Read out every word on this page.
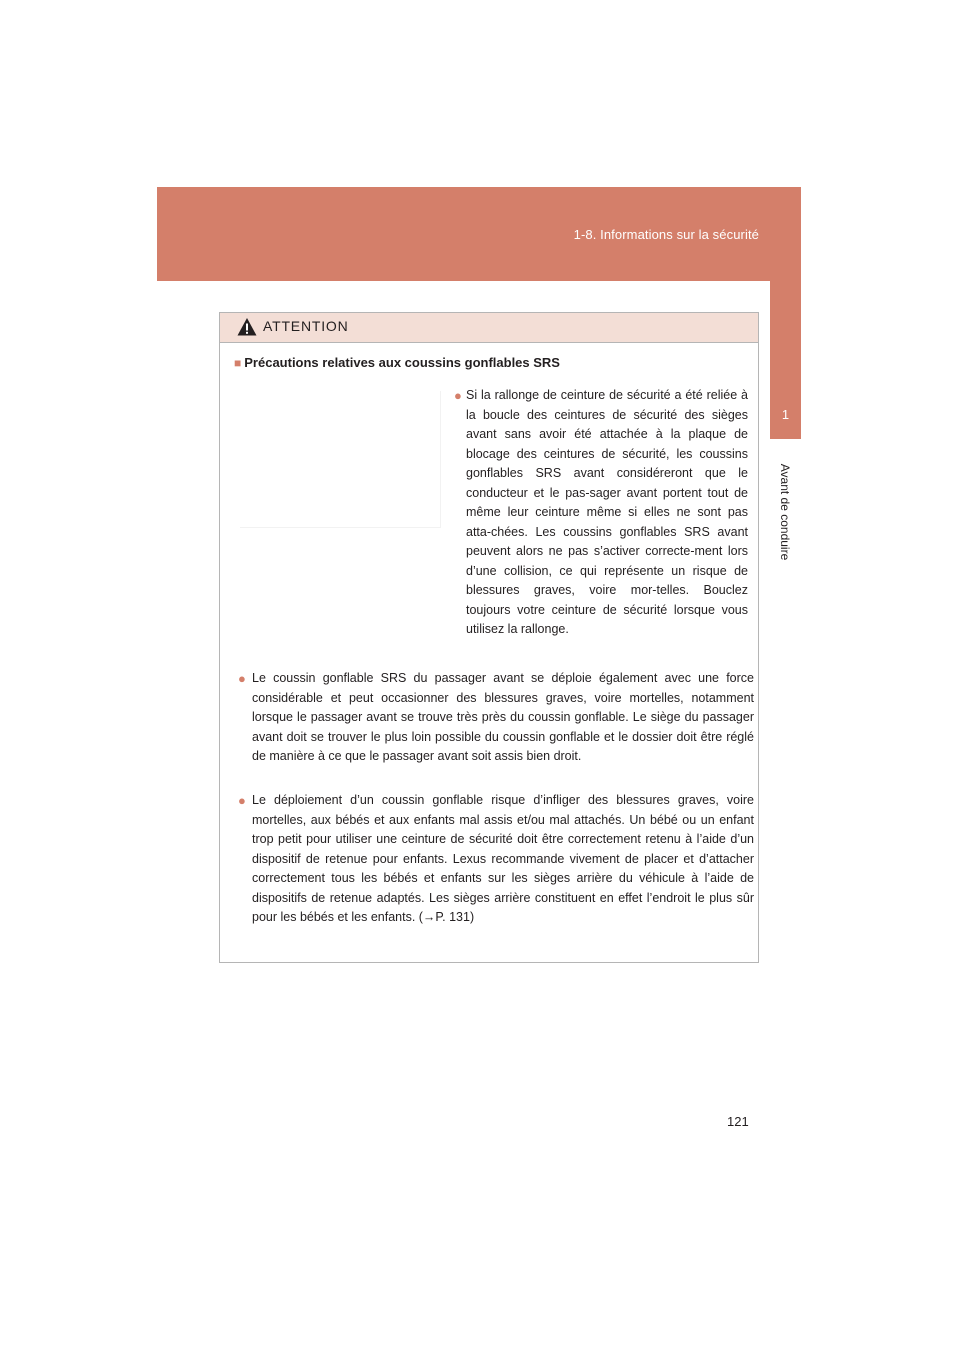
1-8. Informations sur la sécurité
1
Avant de conduire
ATTENTION
■ Précautions relatives aux coussins gonflables SRS
● Si la rallonge de ceinture de sécurité a été reliée à la boucle des ceintures de sécurité des sièges avant sans avoir été attachée à la plaque de blocage des ceintures de sécurité, les coussins gonflables SRS avant considéreront que le conducteur et le pas-sager avant portent tout de même leur ceinture même si elles ne sont pas atta-chées. Les coussins gonflables SRS avant peuvent alors ne pas s’activer correcte-ment lors d’une collision, ce qui représente un risque de blessures graves, voire mor-telles. Bouclez toujours votre ceinture de sécurité lorsque vous utilisez la rallonge.
● Le coussin gonflable SRS du passager avant se déploie également avec une force considérable et peut occasionner des blessures graves, voire mortelles, notamment lorsque le passager avant se trouve très près du coussin gonflable. Le siège du passager avant doit se trouver le plus loin possible du coussin gonflable et le dossier doit être réglé de manière à ce que le passager avant soit assis bien droit.
● Le déploiement d’un coussin gonflable risque d’infliger des blessures graves, voire mortelles, aux bébés et aux enfants mal assis et/ou mal attachés. Un bébé ou un enfant trop petit pour utiliser une ceinture de sécurité doit être correctement retenu à l’aide d’un dispositif de retenue pour enfants. Lexus recommande vivement de placer et d’attacher correctement tous les bébés et enfants sur les sièges arrière du véhicule à l’aide de dispositifs de retenue adaptés. Les sièges arrière constituent en effet l’endroit le plus sûr pour les bébés et les enfants. (→P. 131)
121
